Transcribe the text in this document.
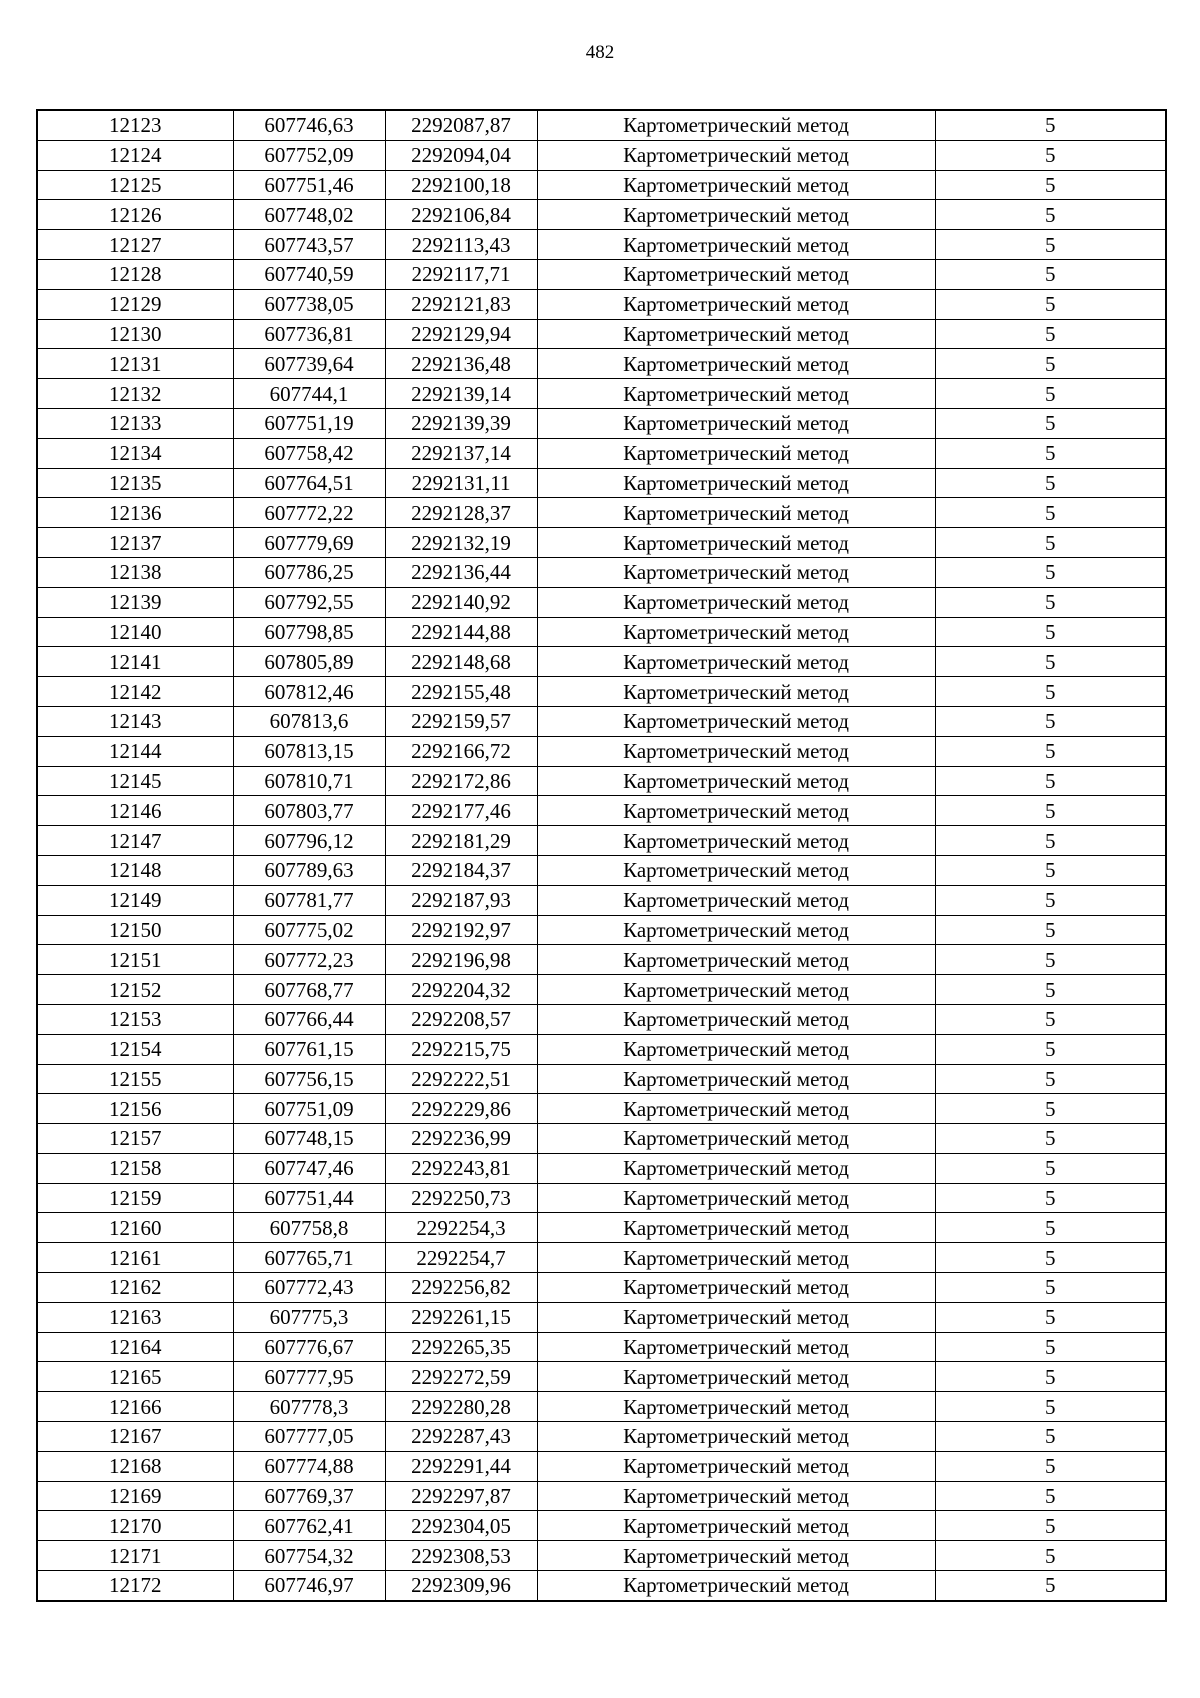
482
12123	607746,63	2292087,87	Картометрический метод	5
12124	607752,09	2292094,04	Картометрический метод	5
12125	607751,46	2292100,18	Картометрический метод	5
12126	607748,02	2292106,84	Картометрический метод	5
12127	607743,57	2292113,43	Картометрический метод	5
12128	607740,59	2292117,71	Картометрический метод	5
12129	607738,05	2292121,83	Картометрический метод	5
12130	607736,81	2292129,94	Картометрический метод	5
12131	607739,64	2292136,48	Картометрический метод	5
12132	607744,1	2292139,14	Картометрический метод	5
12133	607751,19	2292139,39	Картометрический метод	5
12134	607758,42	2292137,14	Картометрический метод	5
12135	607764,51	2292131,11	Картометрический метод	5
12136	607772,22	2292128,37	Картометрический метод	5
12137	607779,69	2292132,19	Картометрический метод	5
12138	607786,25	2292136,44	Картометрический метод	5
12139	607792,55	2292140,92	Картометрический метод	5
12140	607798,85	2292144,88	Картометрический метод	5
12141	607805,89	2292148,68	Картометрический метод	5
12142	607812,46	2292155,48	Картометрический метод	5
12143	607813,6	2292159,57	Картометрический метод	5
12144	607813,15	2292166,72	Картометрический метод	5
12145	607810,71	2292172,86	Картометрический метод	5
12146	607803,77	2292177,46	Картометрический метод	5
12147	607796,12	2292181,29	Картометрический метод	5
12148	607789,63	2292184,37	Картометрический метод	5
12149	607781,77	2292187,93	Картометрический метод	5
12150	607775,02	2292192,97	Картометрический метод	5
12151	607772,23	2292196,98	Картометрический метод	5
12152	607768,77	2292204,32	Картометрический метод	5
12153	607766,44	2292208,57	Картометрический метод	5
12154	607761,15	2292215,75	Картометрический метод	5
12155	607756,15	2292222,51	Картометрический метод	5
12156	607751,09	2292229,86	Картометрический метод	5
12157	607748,15	2292236,99	Картометрический метод	5
12158	607747,46	2292243,81	Картометрический метод	5
12159	607751,44	2292250,73	Картометрический метод	5
12160	607758,8	2292254,3	Картометрический метод	5
12161	607765,71	2292254,7	Картометрический метод	5
12162	607772,43	2292256,82	Картометрический метод	5
12163	607775,3	2292261,15	Картометрический метод	5
12164	607776,67	2292265,35	Картометрический метод	5
12165	607777,95	2292272,59	Картометрический метод	5
12166	607778,3	2292280,28	Картометрический метод	5
12167	607777,05	2292287,43	Картометрический метод	5
12168	607774,88	2292291,44	Картометрический метод	5
12169	607769,37	2292297,87	Картометрический метод	5
12170	607762,41	2292304,05	Картометрический метод	5
12171	607754,32	2292308,53	Картометрический метод	5
12172	607746,97	2292309,96	Картометрический метод	5
